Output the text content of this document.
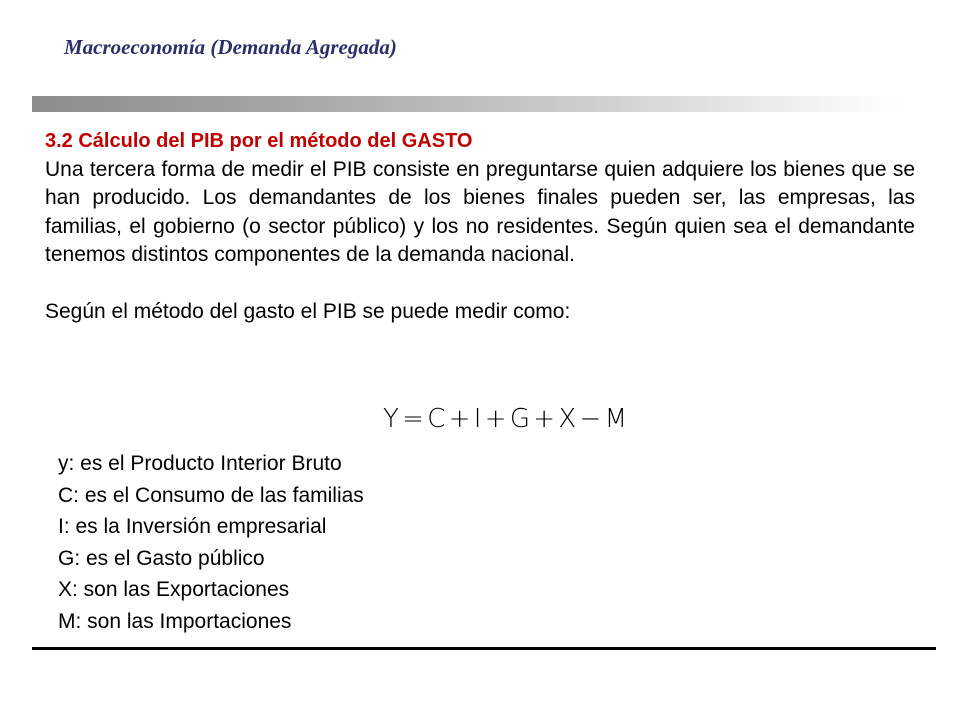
Macroeconomía (Demanda Agregada)

3.2 Cálculo del PIB por el método del GASTO

Una tercera forma de medir el PIB consiste en preguntarse quien adquiere los bienes que se han producido. Los demandantes de los bienes finales pueden ser, las empresas, las familias, el gobierno (o sector público) y los no residentes. Según quien sea el demandante tenemos distintos componentes de la demanda nacional.

Según el método del gasto el PIB se puede medir como:

Y = C + I + G + X − M
y: es el Producto Interior Bruto
C: es el Consumo de las familias
I: es la Inversión empresarial
G: es el Gasto público
X: son las Exportaciones
M: son las Importaciones
